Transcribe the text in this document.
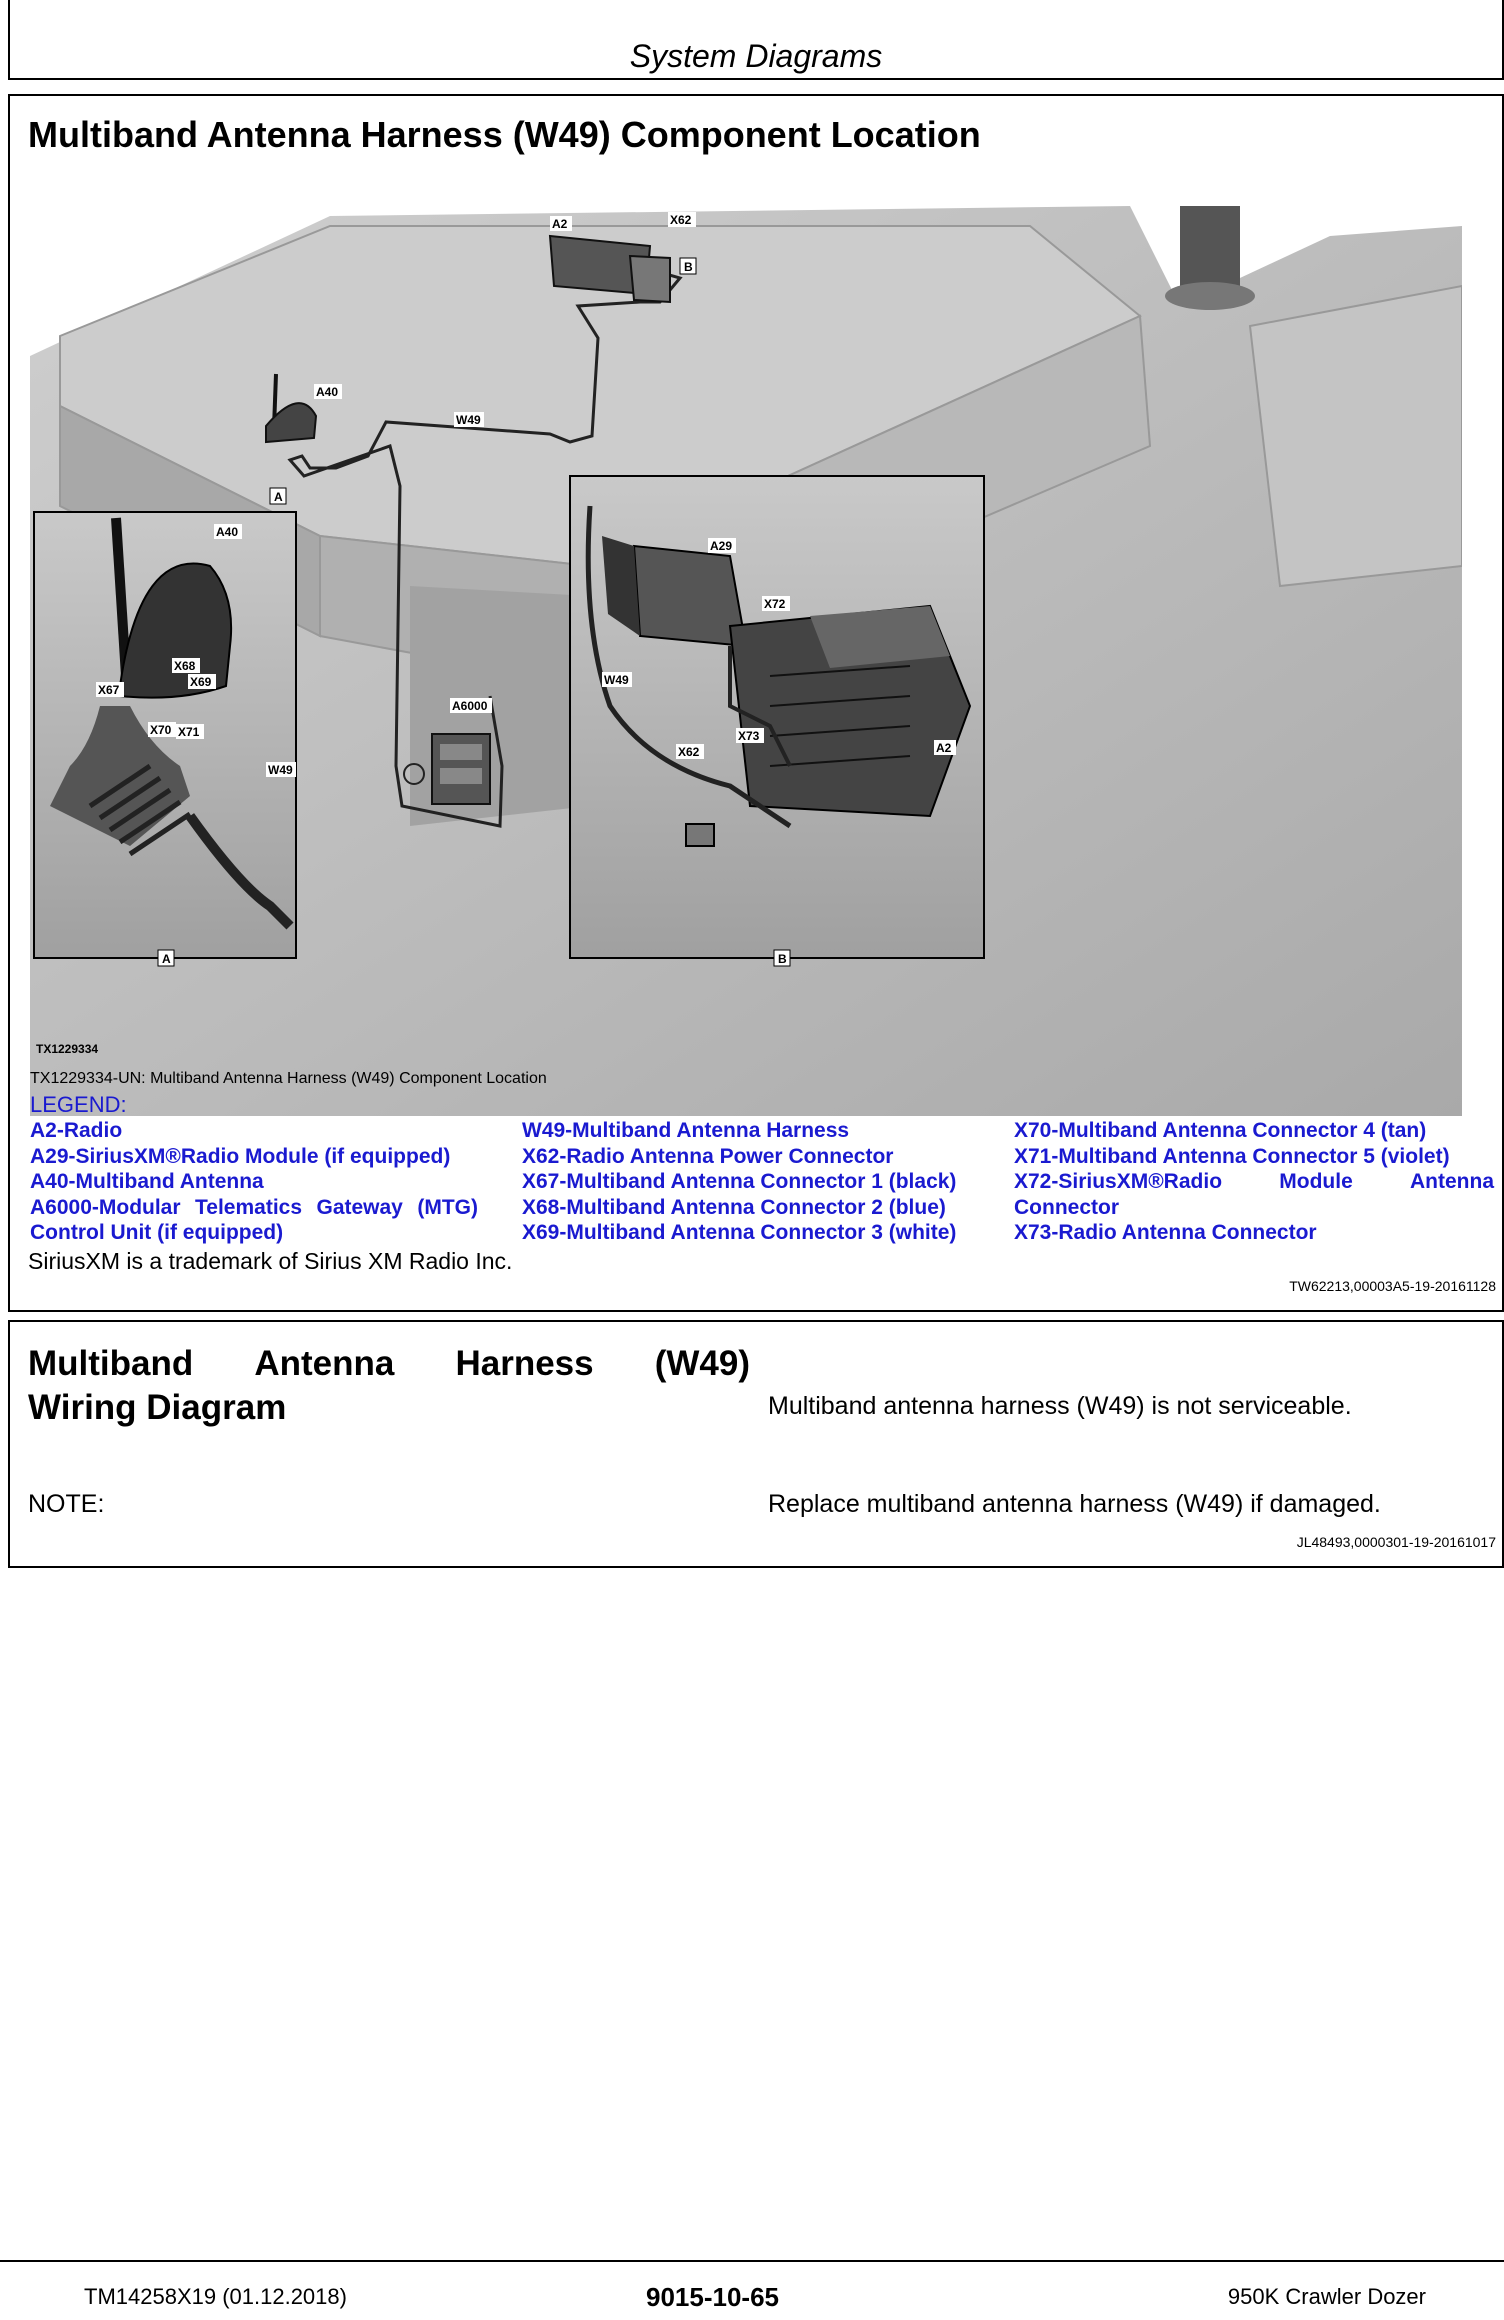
System Diagrams
Multiband Antenna Harness (W49) Component Location
A2	X62
A40
W49
A6000
A
B
A40
X68
X69
X67
X70 X71
W49
A
A29
X72
W49
X73
X62	A2
B
TX1229334
TX1229334-UN: Multiband Antenna Harness (W49) Component Location
LEGEND:
A2-Radio
A29-SiriusXM®Radio Module (if equipped)
A40-Multiband Antenna
A6000-Modular Telematics Gateway (MTG)
Control Unit (if equipped)
W49-Multiband Antenna Harness
X62-Radio Antenna Power Connector
X67-Multiband Antenna Connector 1 (black)
X68-Multiband Antenna Connector 2 (blue)
X69-Multiband Antenna Connector 3 (white)
X70-Multiband Antenna Connector 4 (tan)
X71-Multiband Antenna Connector 5 (violet)
X72-SiriusXM®Radio	Module	Antenna
Connector
X73-Radio Antenna Connector
SiriusXM is a trademark of Sirius XM Radio Inc.
TW62213,00003A5-19-20161128
Multiband Antenna Harness (W49)
Wiring Diagram	Multiband antenna harness (W49) is not serviceable.
NOTE:	Replace multiband antenna harness (W49) if damaged.
JL48493,0000301-19-20161017
TM14258X19 (01.12.2018)	9015-10-65	950K Crawler Dozer
